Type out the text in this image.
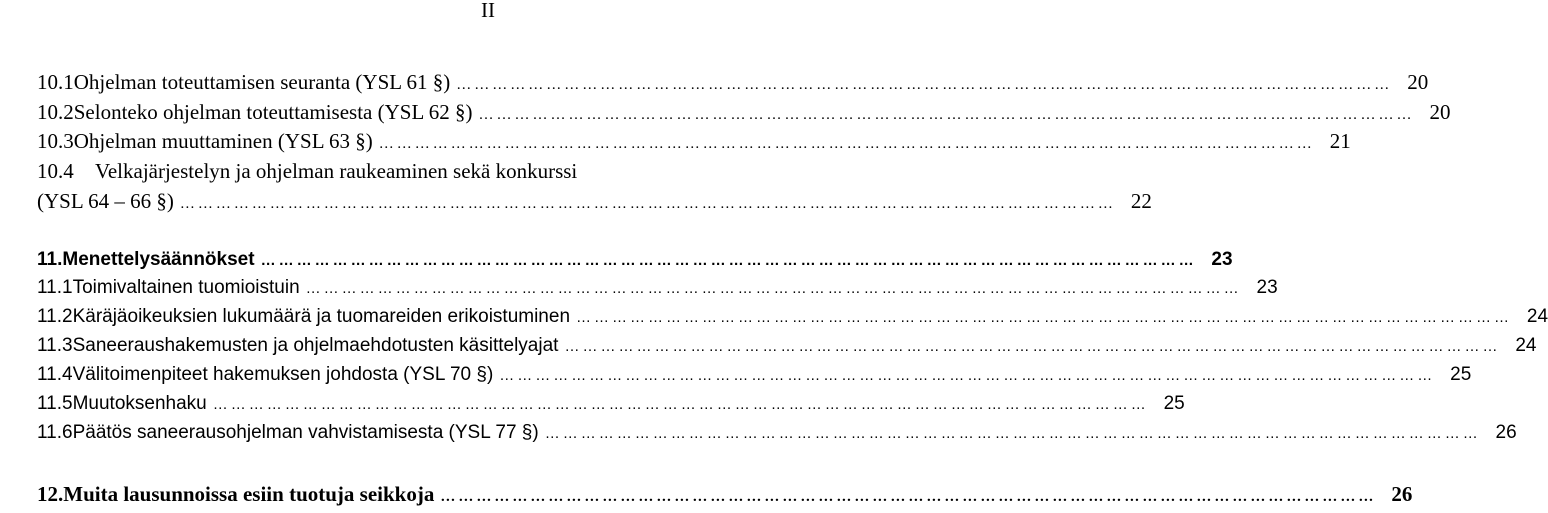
II
10.1 Ohjelman toteuttamisen seuranta (YSL 61 §) …………………………………………………………………………………………………………………………………………	20
10.2 Selonteko ohjelman toteuttamisesta (YSL 62 §) …………………………………………………………………………………………………………………………………………	20
10.3 Ohjelman muuttaminen (YSL 63 §) …………………………………………………………………………………………………………………………………………	21
10.4	Velkajärjestelyn ja ohjelman raukeaminen sekä konkurssi
(YSL 64 – 66 §) …………………………………………………………………………………………………………………………………………	22
11. Menettelysäännökset …………………………………………………………………………………………………………………………………………	23
11.1 Toimivaltainen tuomioistuin …………………………………………………………………………………………………………………………………………	23
11.2 Käräjäoikeuksien lukumäärä ja tuomareiden erikoistuminen …………………………………………………………………………………………………………………………………………	24
11.3 Saneeraushakemusten ja ohjelmaehdotusten käsittelyajat …………………………………………………………………………………………………………………………………………	24
11.4 Välitoimenpiteet hakemuksen johdosta (YSL 70 §) …………………………………………………………………………………………………………………………………………	25
11.5 Muutoksenhaku …………………………………………………………………………………………………………………………………………	25
11.6 Päätös saneerausohjelman vahvistamisesta (YSL 77 §) …………………………………………………………………………………………………………………………………………	26
12. Muita lausunnoissa esiin tuotuja seikkoja …………………………………………………………………………………………………………………………………………	26
